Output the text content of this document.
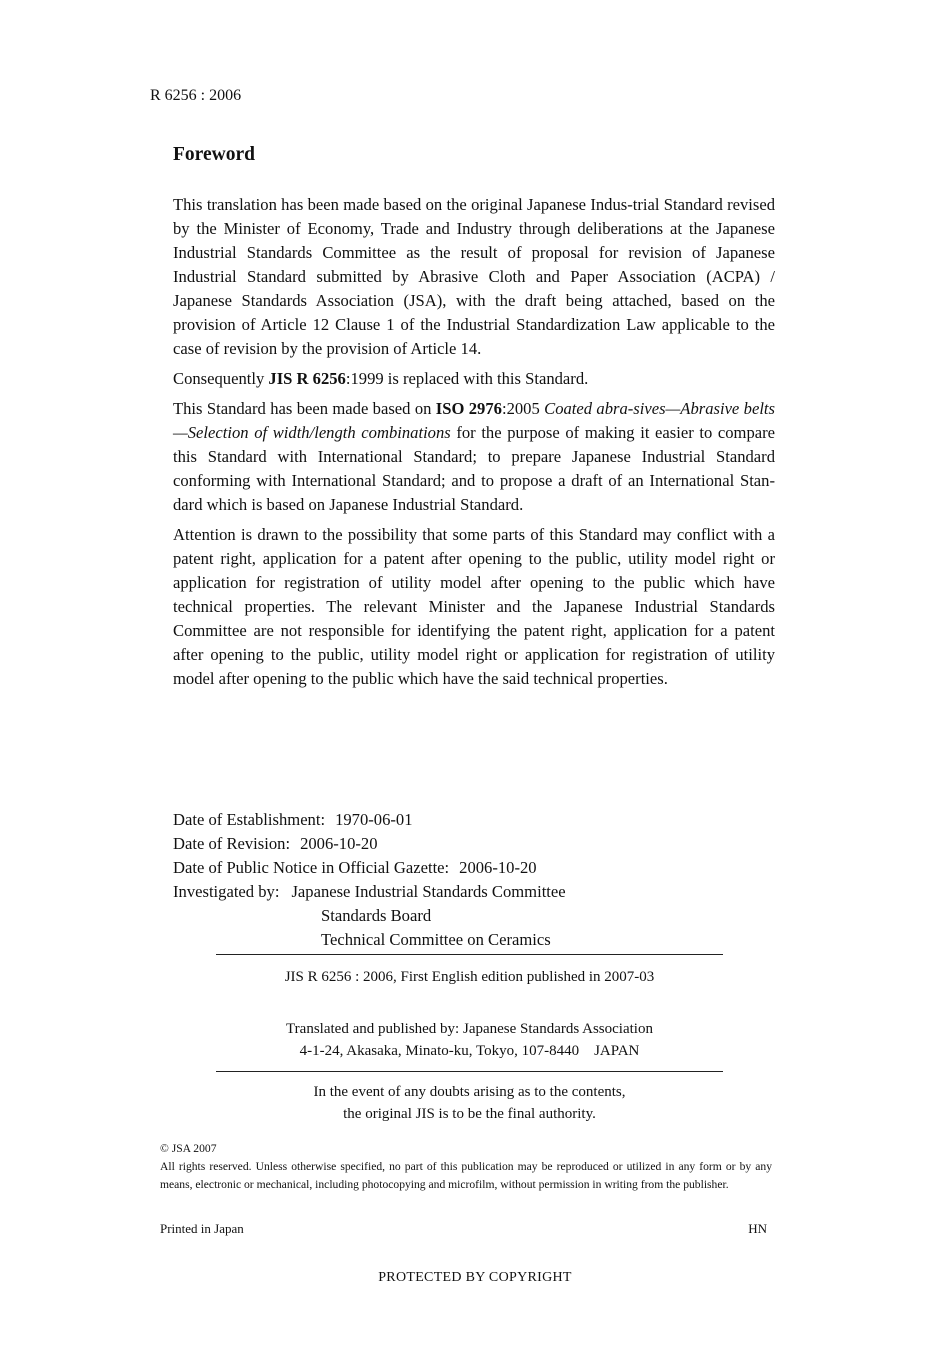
R 6256 : 2006
Foreword

This translation has been made based on the original Japanese Indus-trial Standard revised by the Minister of Economy, Trade and Industry through deliberations at the Japanese Industrial Standards Committee as the result of proposal for revision of Japanese Industrial Standard submitted by Abrasive Cloth and Paper Association (ACPA) / Japanese Standards Association (JSA), with the draft being attached, based on the provision of Article 12 Clause 1 of the Industrial Standardization Law applicable to the case of revision by the provision of Article 14.

Consequently JIS R 6256:1999 is replaced with this Standard.

This Standard has been made based on ISO 2976:2005 Coated abra-sives—Abrasive belts—Selection of width/length combinations for the purpose of making it easier to compare this Standard with International Standard; to prepare Japanese Industrial Standard conforming with International Standard; and to propose a draft of an International Stan-dard which is based on Japanese Industrial Standard.

Attention is drawn to the possibility that some parts of this Standard may conflict with a patent right, application for a patent after opening to the public, utility model right or application for registration of utility model after opening to the public which have technical properties. The relevant Minister and the Japanese Industrial Standards Committee are not responsible for identifying the patent right, application for a patent after opening to the public, utility model right or application for registration of utility model after opening to the public which have the said technical properties.

Date of Establishment: 1970-06-01
Date of Revision: 2006-10-20
Date of Public Notice in Official Gazette: 2006-10-20
Investigated by: Japanese Industrial Standards Committee
Standards Board
Technical Committee on Ceramics
JIS R 6256 : 2006, First English edition published in 2007-03
Translated and published by: Japanese Standards Association
4-1-24, Akasaka, Minato-ku, Tokyo, 107-8440    JAPAN
In the event of any doubts arising as to the contents,
the original JIS is to be the final authority.
© JSA 2007
All rights reserved. Unless otherwise specified, no part of this publication may be reproduced or utilized in any form or by any means, electronic or mechanical, including photocopying and microfilm, without permission in writing from the publisher.
Printed in Japan	HN
PROTECTED BY COPYRIGHT
